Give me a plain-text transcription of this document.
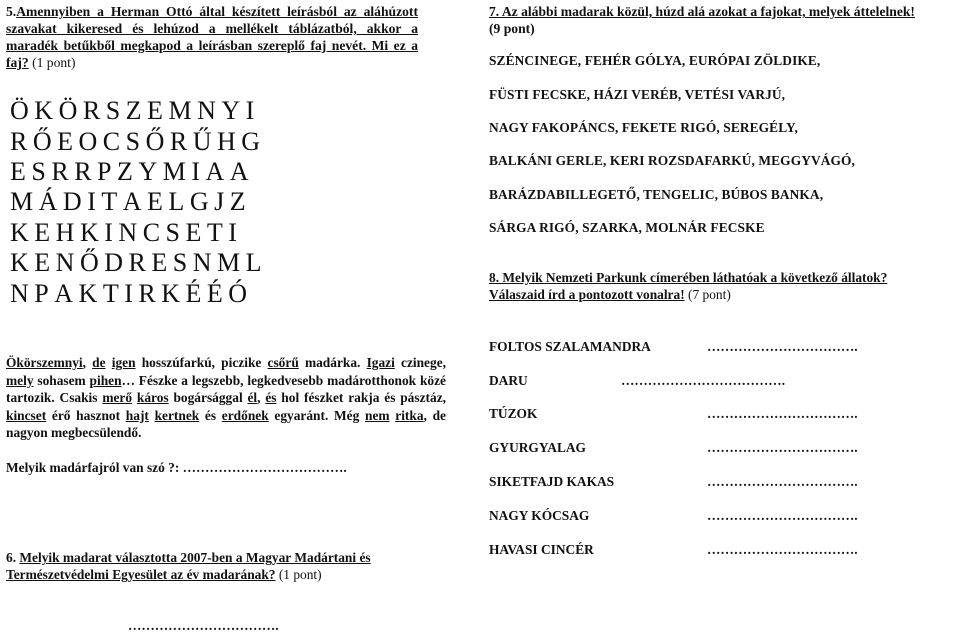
5.Amennyiben a Herman Ottó által készített leírásból az aláhúzott szavakat kikeresed és lehúzod a mellékelt táblázatból, akkor a maradék betűkből megkapod a leírásban szereplő faj nevét. Mi ez a faj? (1 pont)
Ö K Ö R S Z E M N Y I
R Ő E O C S Ő R Ű H G
E S R R P Z Y M I A A
M Á D I T A E L G J Z
K E H K I N C S E T I
K E N Ő D R E S N M L
N P A K T I R K É É Ó
7. Az alábbi madarak közül, húzd alá azokat a fajokat, melyek áttelelnek!
(9 pont)
SZÉNCINEGE, FEHÉR GÓLYA, EURÓPAI ZÖLDIKE,
FÜSTI FECSKE, HÁZI VERÉB, VETÉSI VARJÚ,
NAGY FAKOPÁNCS, FEKETE RIGÓ, SEREGÉLY,
BALKÁNI GERLE, KERI ROZSDAFARKÚ, MEGGYVÁGÓ,
BARÁZDABILLEGETŐ, TENGELIC, BÚBOS BANKA,
SÁRGA RIGÓ, SZARKA, MOLNÁR FECSKE
8. Melyik Nemzeti Parkunk címerében láthatóak a következő állatok?
Válaszaid írd a pontozott vonalra! (7 pont)
Ökörszemnyi, de igen hosszúfarkú, piczike csőrű madárka. Igazi czinege, mely sohasem pihen… Fészke a legszebb, legkedvesebb madárotthonok közé tartozik. Csakis merő káros bogársággal él, és hol fészket rakja és pásztáz, kincset érő hasznot hajt kertnek és erdőnek egyaránt. Még nem ritka, de nagyon megbecsülendő.
Melyik madárfajról van szó ?: ……………………………….
6. Melyik madarat választotta 2007-ben a Magyar Madártani és Természetvédelmi Egyesület az év madarának? (1 pont)
…………………………….
FOLTOS SZALAMANDRA	…………………………….
DARU	……………………………….
TÚZOK	…………………………….
GYURGYALAG	…………………………….
SIKETFAJD KAKAS	…………………………….
NAGY KÓCSAG	…………………………….
HAVASI CINCÉR	…………………………….
